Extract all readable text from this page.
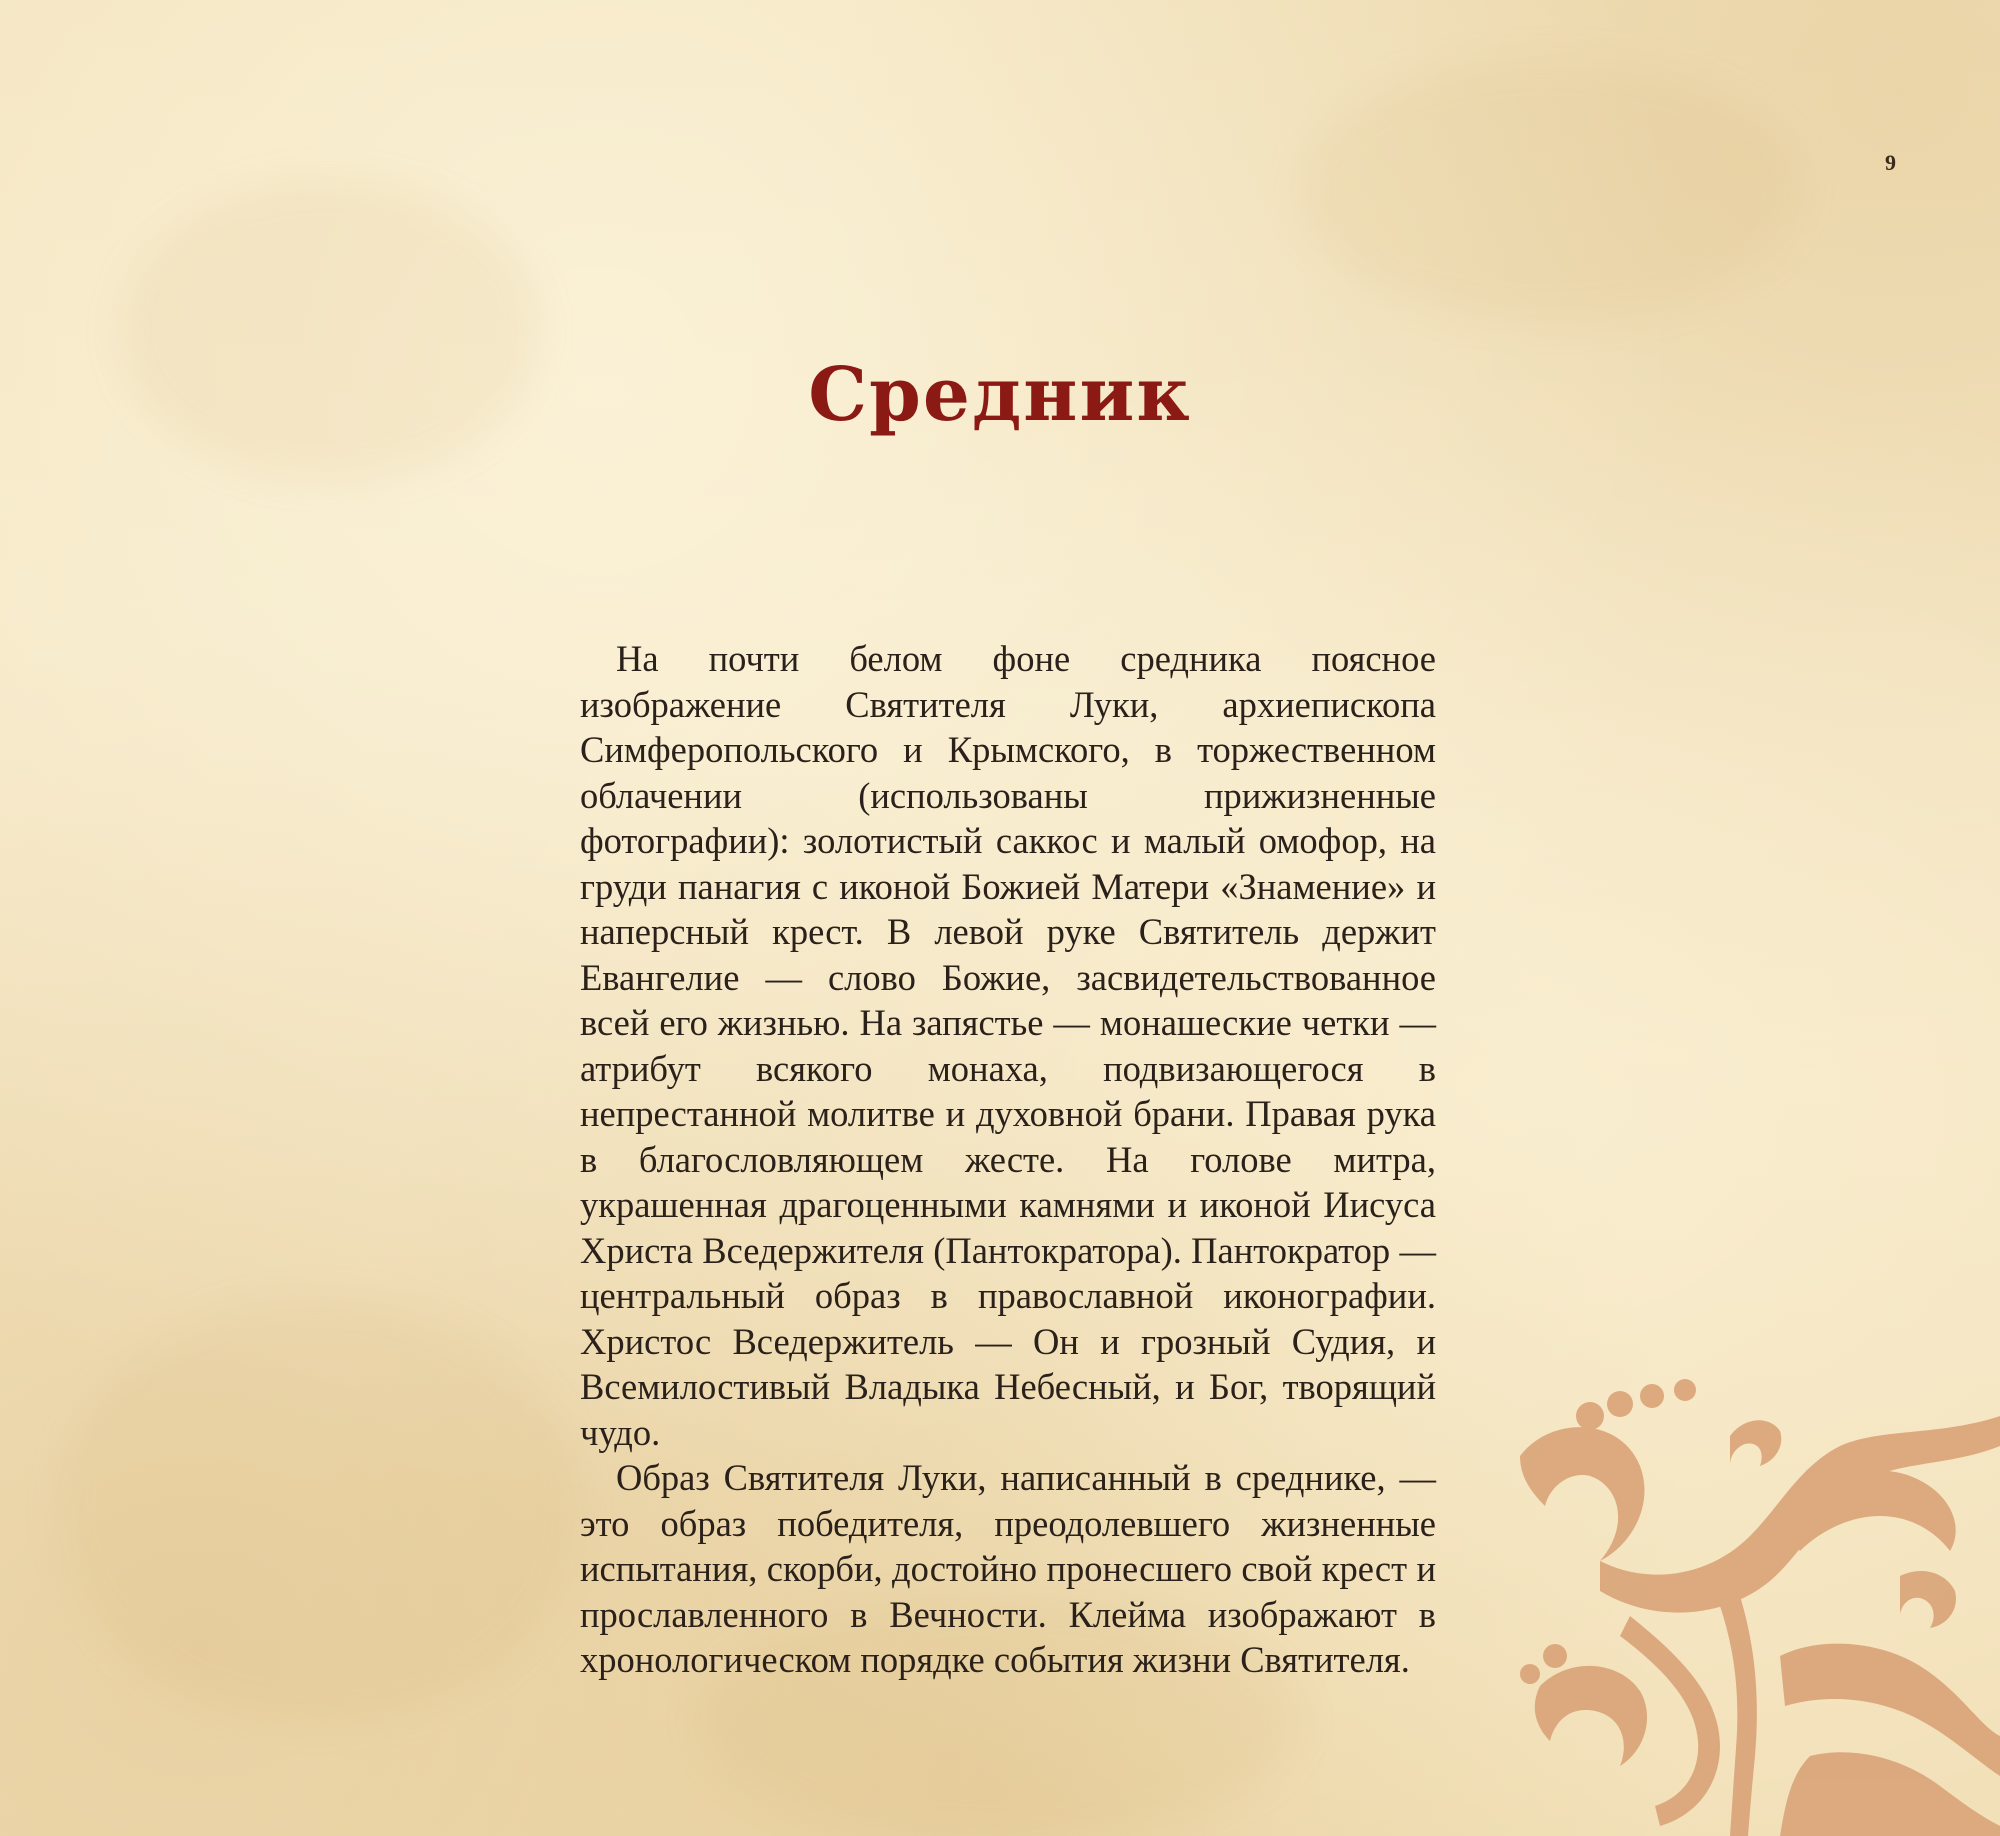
9
Средник

На почти белом фоне средника поясное изображение Святителя Луки, архиепископа Симферопольского и Крымского, в торжественном облачении (использованы прижизненные фотографии): золотистый саккос и малый омофор, на груди панагия с иконой Божией Матери «Знамение» и наперсный крест. В левой руке Святитель держит Евангелие — слово Божие, засвидетельствованное всей его жизнью. На запястье — монашеские четки — атрибут всякого монаха, подвизающегося в непрестанной молитве и духовной брани. Правая рука в благословляющем жесте. На голове митра, украшенная драгоценными камнями и иконой Иисуса Христа Вседержителя (Пантократора). Пантократор — центральный образ в православной иконографии. Христос Вседержитель — Он и грозный Судия, и Всемилостивый Владыка Небесный, и Бог, творящий чудо.

Образ Святителя Луки, написанный в среднике, — это образ победителя, преодолевшего жизненные испытания, скорби, достойно пронесшего свой крест и прославленного в Вечности. Клейма изображают в хронологическом порядке события жизни Святителя.
